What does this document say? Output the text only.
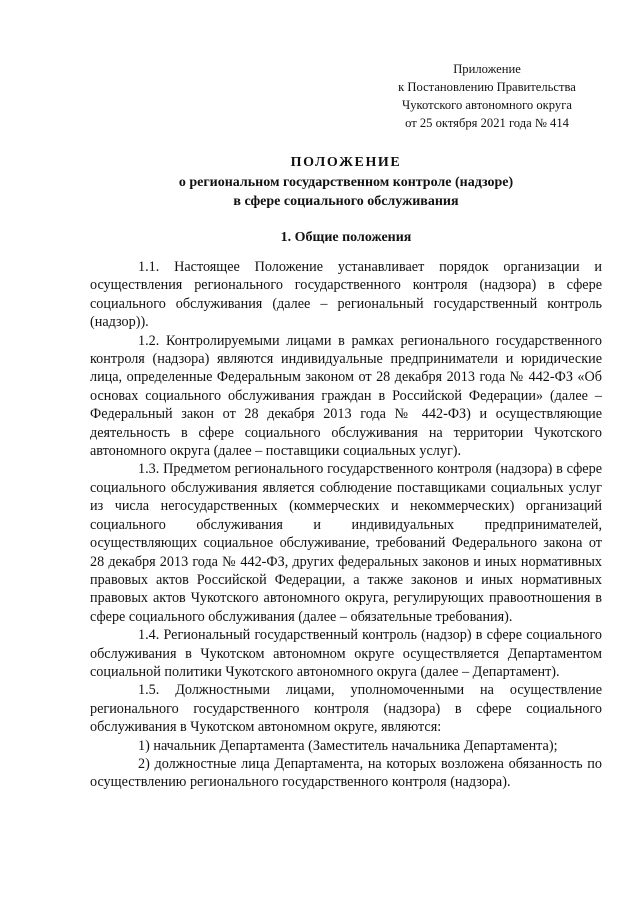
Приложение
к Постановлению Правительства
Чукотского автономного округа
от 25 октября 2021 года № 414
ПОЛОЖЕНИЕ
о региональном государственном контроле (надзоре)
в сфере социального обслуживания
1. Общие положения

1.1. Настоящее Положение устанавливает порядок организации и осуществления регионального государственного контроля (надзора) в сфере социального обслуживания (далее – региональный государственный контроль (надзор)).

1.2. Контролируемыми лицами в рамках регионального государственного контроля (надзора) являются индивидуальные предприниматели и юридические лица, определенные Федеральным законом от 28 декабря 2013 года № 442-ФЗ «Об основах социального обслуживания граждан в Российской Федерации» (далее – Федеральный закон от 28 декабря 2013 года № 442-ФЗ) и осуществляющие деятельность в сфере социального обслуживания на территории Чукотского автономного округа (далее – поставщики социальных услуг).

1.3. Предметом регионального государственного контроля (надзора) в сфере социального обслуживания является соблюдение поставщиками социальных услуг из числа негосударственных (коммерческих и некоммерческих) организаций социального обслуживания и индивидуальных предпринимателей, осуществляющих социальное обслуживание, требований Федерального закона от 28 декабря 2013 года № 442-ФЗ, других федеральных законов и иных нормативных правовых актов Российской Федерации, а также законов и иных нормативных правовых актов Чукотского автономного округа, регулирующих правоотношения в сфере социального обслуживания (далее – обязательные требования).

1.4. Региональный государственный контроль (надзор) в сфере социального обслуживания в Чукотском автономном округе осуществляется Департаментом социальной политики Чукотского автономного округа (далее – Департамент).

1.5. Должностными лицами, уполномоченными на осуществление регионального государственного контроля (надзора) в сфере социального обслуживания в Чукотском автономном округе, являются:

1) начальник Департамента (Заместитель начальника Департамента);

2) должностные лица Департамента, на которых возложена обязанность по осуществлению регионального государственного контроля (надзора).
